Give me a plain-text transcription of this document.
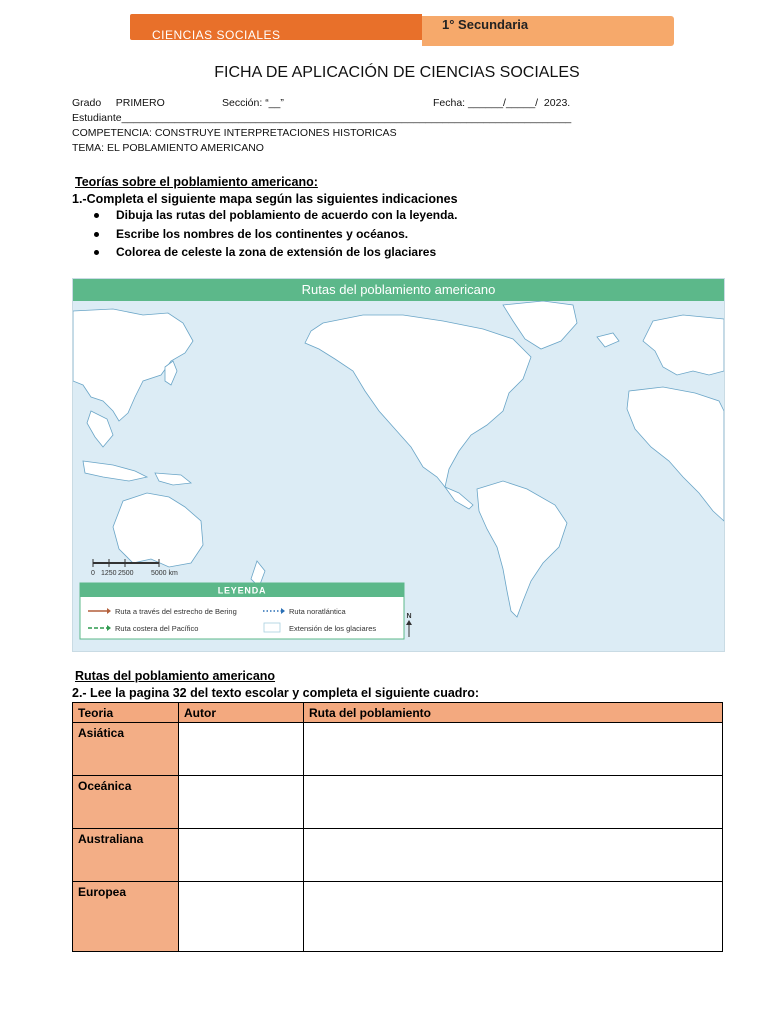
CIENCIAS SOCIALES
1° Secundaria
FICHA DE APLICACIÓN DE CIENCIAS SOCIALES
Grado     PRIMERO	Sección: “__”	Fecha: ______/_____/  2023.
Estudiante_____________________________________________________________________________
COMPETENCIA: CONSTRUYE INTERPRETACIONES HISTORICAS
TEMA: EL POBLAMIENTO AMERICANO
Teorías sobre el poblamiento americano:
1.-Completa el siguiente mapa según las siguientes indicaciones
Dibuja las rutas del poblamiento de acuerdo con la leyenda.
Escribe los nombres de los continentes y océanos.
Colorea de celeste la zona de extensión de los glaciares
Rutas del poblamiento americano
0 1250 2500 5000 km
LEYENDA
Ruta a través del estrecho de Bering	Ruta noratlántica
Ruta costera del Pacífico	Extensión de los glaciares
N
Rutas del poblamiento americano
2.- Lee la pagina 32 del texto escolar y completa el siguiente cuadro:
Teoria	Autor	Ruta del poblamiento
Asiática		
Oceánica		
Australiana		
Europea		
